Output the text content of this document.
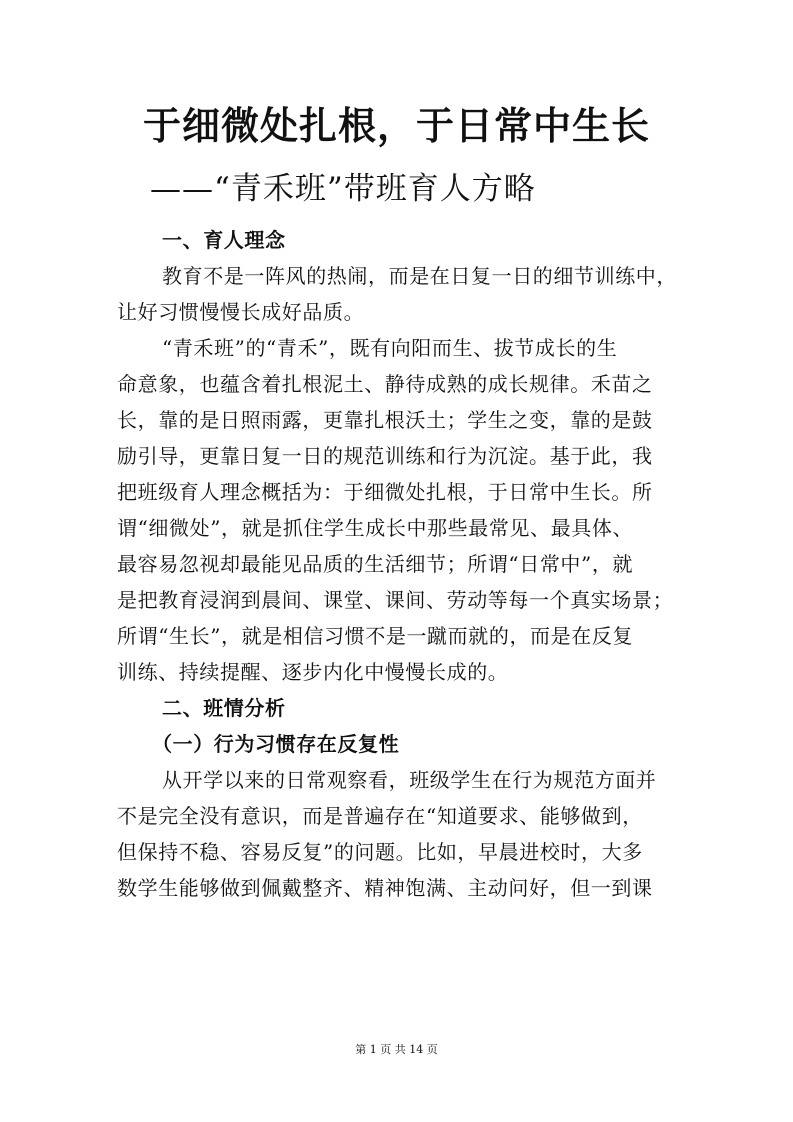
于细微处扎根，于日常中生长
——“青禾班”带班育人方略
一、育人理念
教育不是一阵风的热闹，而是在日复一日的细节训练中，
让好习惯慢慢长成好品质。
“青禾班”的“青禾”，既有向阳而生、拔节成长的生
命意象，也蕴含着扎根泥土、静待成熟的成长规律。禾苗之
长，靠的是日照雨露，更靠扎根沃土；学生之变，靠的是鼓
励引导，更靠日复一日的规范训练和行为沉淀。基于此，我
把班级育人理念概括为：于细微处扎根，于日常中生长。所
谓“细微处”，就是抓住学生成长中那些最常见、最具体、
最容易忽视却最能见品质的生活细节；所谓“日常中”，就
是把教育浸润到晨间、课堂、课间、劳动等每一个真实场景；
所谓“生长”，就是相信习惯不是一蹴而就的，而是在反复
训练、持续提醒、逐步内化中慢慢长成的。
二、班情分析
（一）行为习惯存在反复性
从开学以来的日常观察看，班级学生在行为规范方面并
不是完全没有意识，而是普遍存在“知道要求、能够做到，
但保持不稳、容易反复”的问题。比如，早晨进校时，大多
数学生能够做到佩戴整齐、精神饱满、主动问好，但一到课
第 1 页 共 14 页
